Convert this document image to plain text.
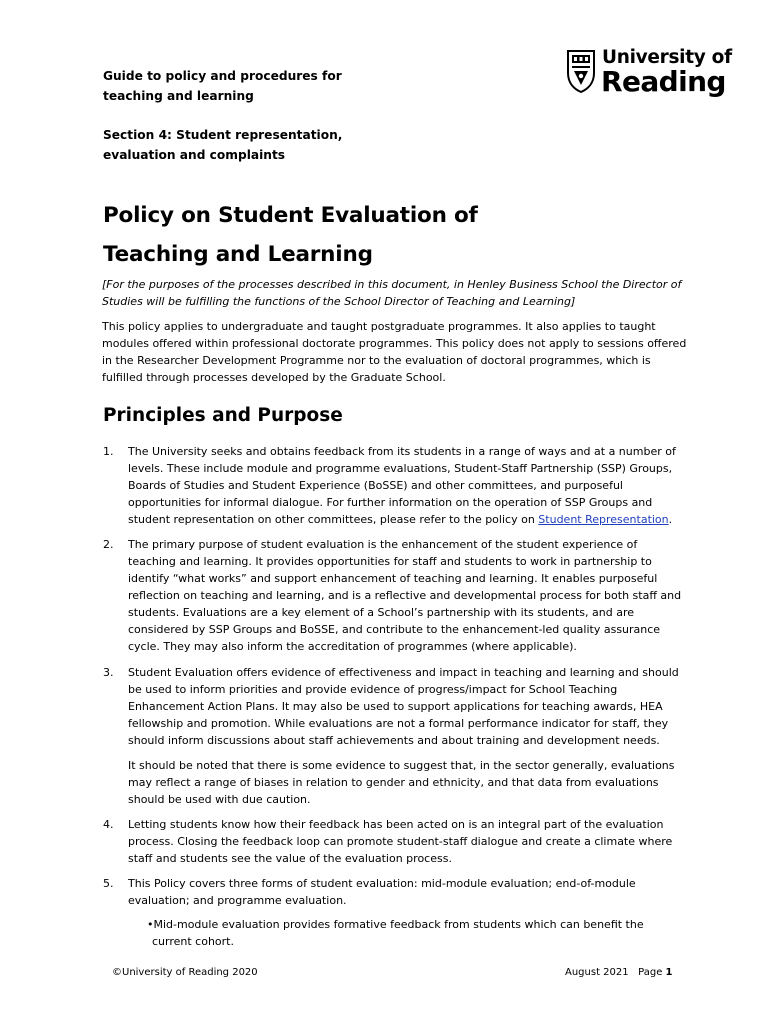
Guide to policy and procedures for
teaching and learning
Section 4: Student representation,
evaluation and complaints
University of
Reading
Policy on Student Evaluation of
Teaching and Learning
[For the purposes of the processes described in this document, in Henley Business School the Director of
Studies will be fulfilling the functions of the School Director of Teaching and Learning]
This policy applies to undergraduate and taught postgraduate programmes. It also applies to taught
modules offered within professional doctorate programmes. This policy does not apply to sessions offered
in the Researcher Development Programme nor to the evaluation of doctoral programmes, which is
fulfilled through processes developed by the Graduate School.
Principles and Purpose
1. The University seeks and obtains feedback from its students in a range of ways and at a number of
levels. These include module and programme evaluations, Student-Staff Partnership (SSP) Groups,
Boards of Studies and Student Experience (BoSSE) and other committees, and purposeful
opportunities for informal dialogue. For further information on the operation of SSP Groups and
student representation on other committees, please refer to the policy on Student Representation.
2. The primary purpose of student evaluation is the enhancement of the student experience of
teaching and learning. It provides opportunities for staff and students to work in partnership to
identify “what works” and support enhancement of teaching and learning. It enables purposeful
reflection on teaching and learning, and is a reflective and developmental process for both staff and
students. Evaluations are a key element of a School’s partnership with its students, and are
considered by SSP Groups and BoSSE, and contribute to the enhancement-led quality assurance
cycle. They may also inform the accreditation of programmes (where applicable).
3. Student Evaluation offers evidence of effectiveness and impact in teaching and learning and should
be used to inform priorities and provide evidence of progress/impact for School Teaching
Enhancement Action Plans. It may also be used to support applications for teaching awards, HEA
fellowship and promotion. While evaluations are not a formal performance indicator for staff, they
should inform discussions about staff achievements and about training and development needs.
It should be noted that there is some evidence to suggest that, in the sector generally, evaluations
may reflect a range of biases in relation to gender and ethnicity, and that data from evaluations
should be used with due caution.
4. Letting students know how their feedback has been acted on is an integral part of the evaluation
process. Closing the feedback loop can promote student-staff dialogue and create a climate where
staff and students see the value of the evaluation process.
5. This Policy covers three forms of student evaluation: mid-module evaluation; end-of-module
evaluation; and programme evaluation.
•Mid-module evaluation provides formative feedback from students which can benefit the
current cohort.
©University of Reading 2020	August 2021   Page 1
